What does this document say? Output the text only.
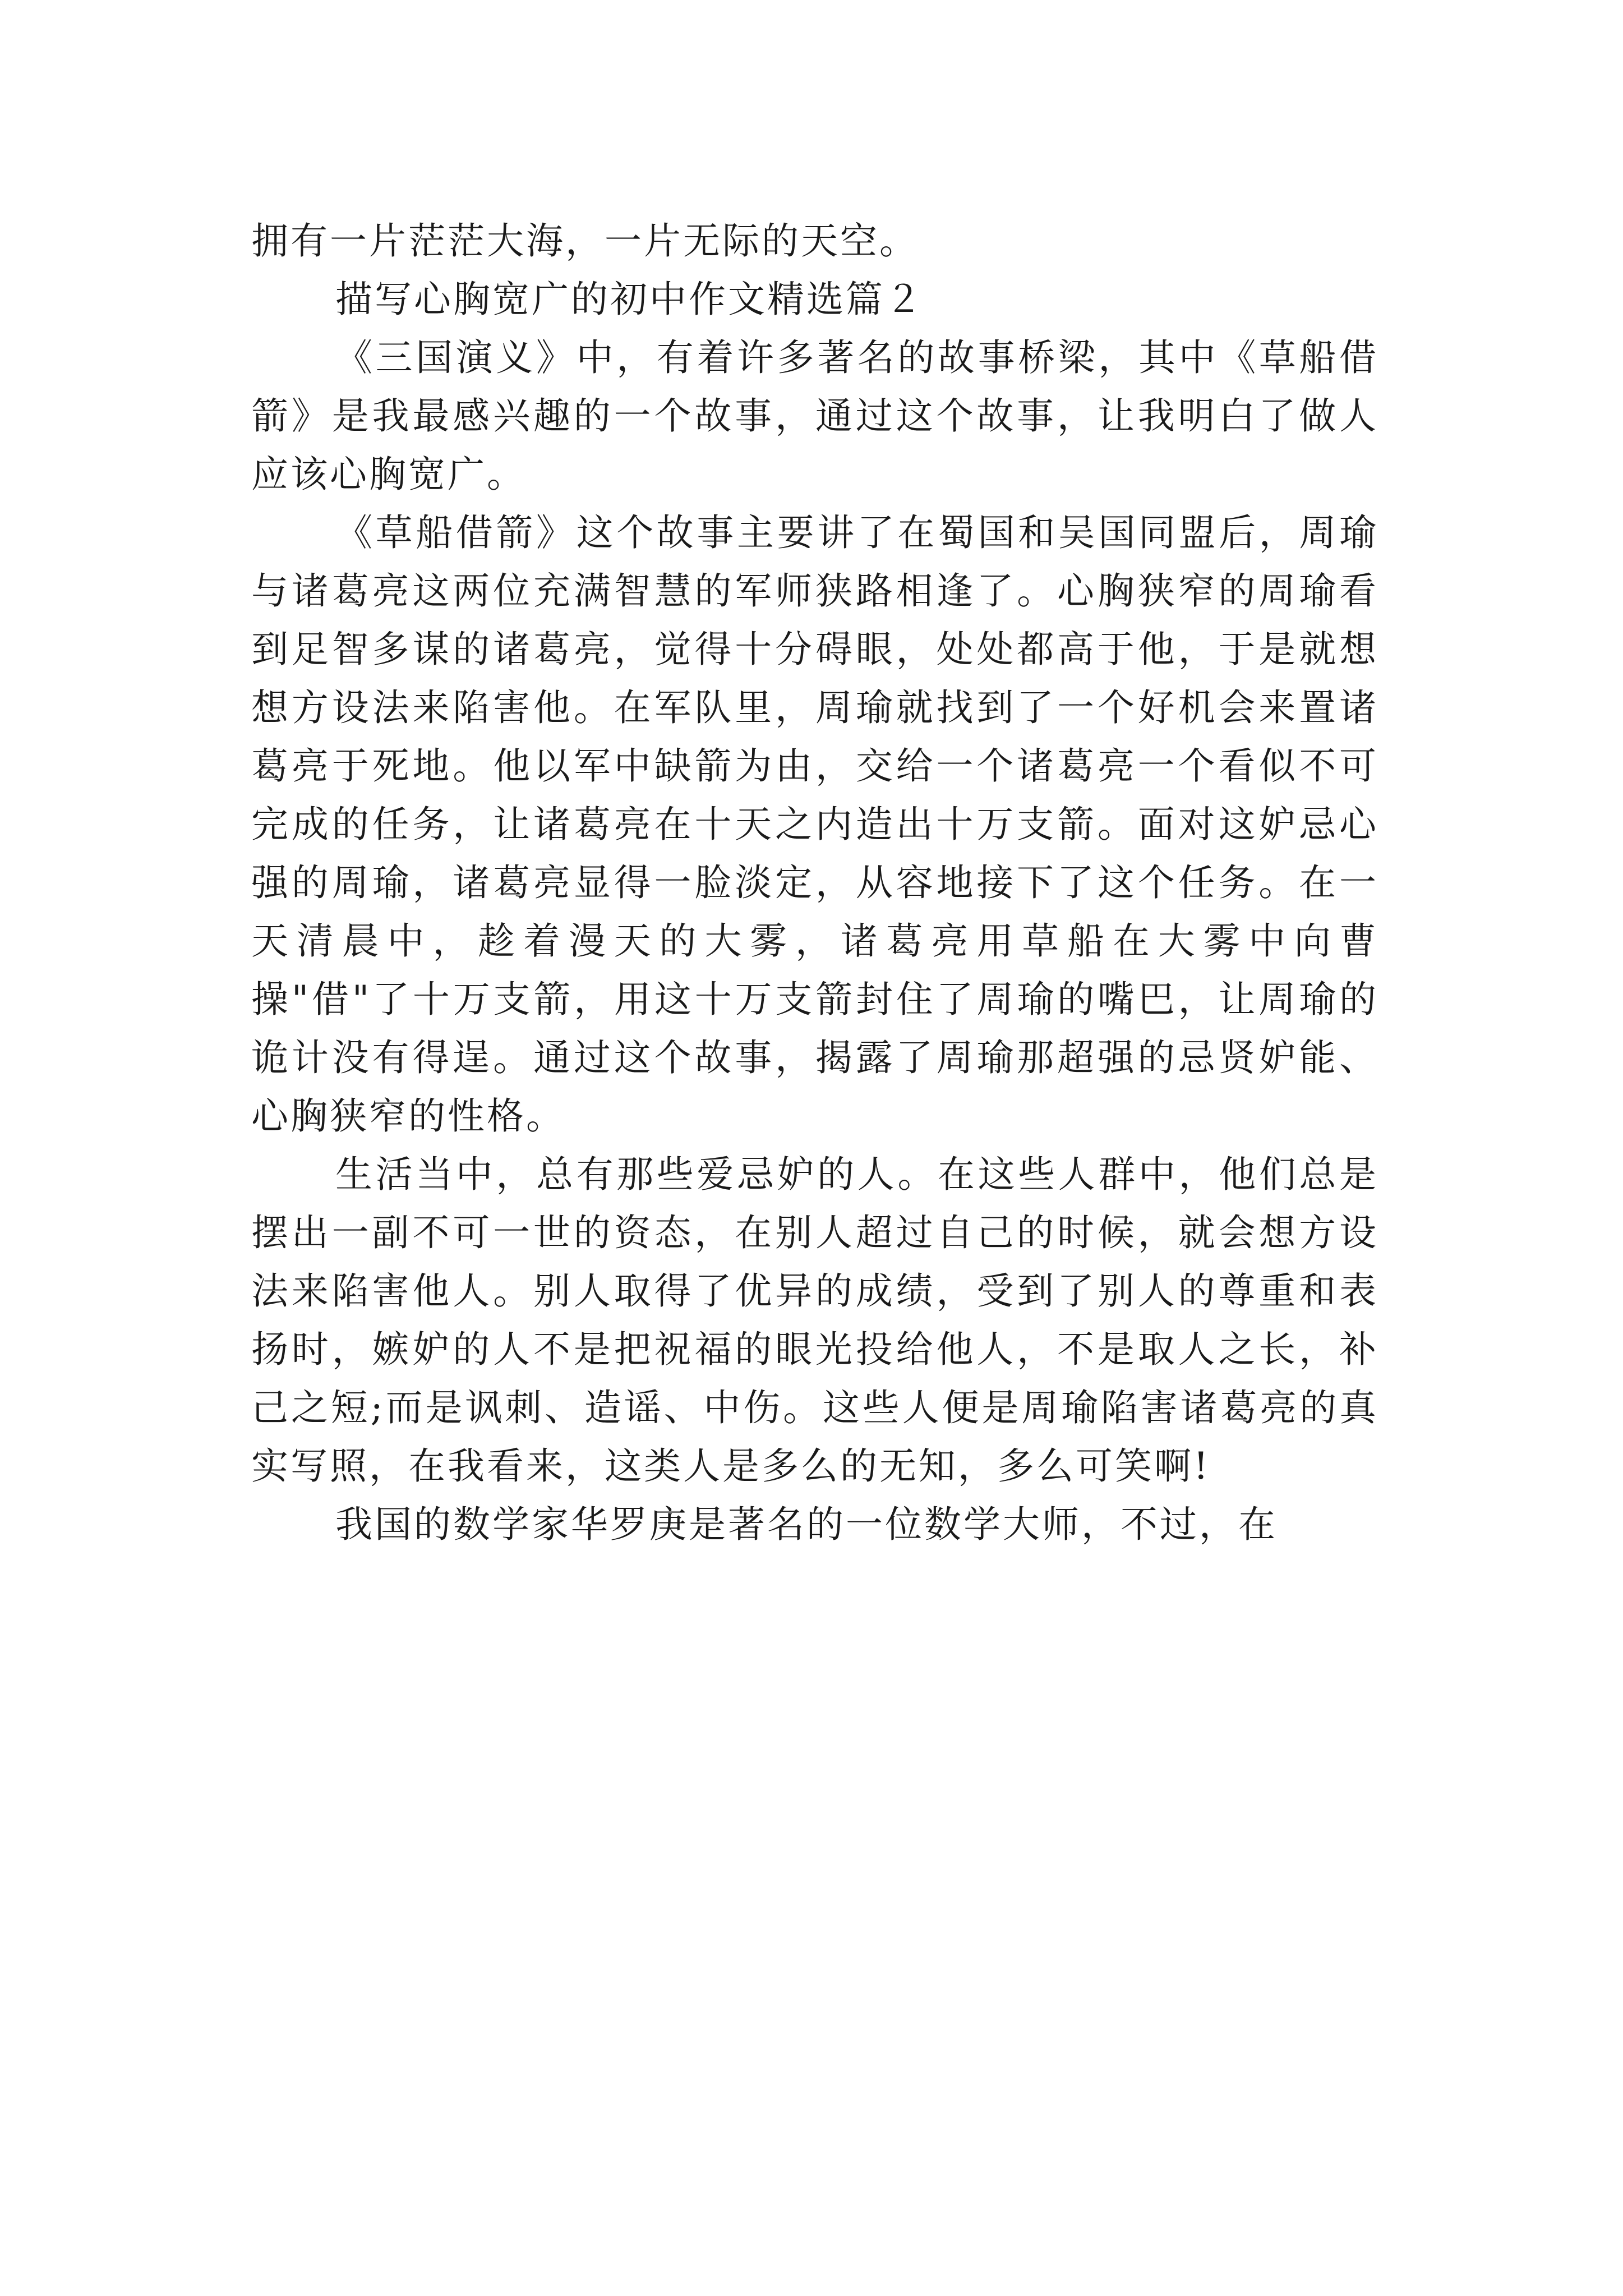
拥有一片茫茫大海，一片无际的天空。

描写心胸宽广的初中作文精选篇２

《三国演义》中，有着许多著名的故事桥梁，其中《草船借箭》是我最感兴趣的一个故事，通过这个故事，让我明白了做人应该心胸宽广。

《草船借箭》这个故事主要讲了在蜀国和吴国同盟后，周瑜与诸葛亮这两位充满智慧的军师狭路相逢了。心胸狭窄的周瑜看到足智多谋的诸葛亮，觉得十分碍眼，处处都高于他，于是就想想方设法来陷害他。在军队里，周瑜就找到了一个好机会来置诸葛亮于死地。他以军中缺箭为由，交给一个诸葛亮一个看似不可完成的任务，让诸葛亮在十天之内造出十万支箭。面对这妒忌心强的周瑜，诸葛亮显得一脸淡定，从容地接下了这个任务。在一天清晨中，趁着漫天的大雾，诸葛亮用草船在大雾中向曹操"借"了十万支箭，用这十万支箭封住了周瑜的嘴巴，让周瑜的诡计没有得逞。通过这个故事，揭露了周瑜那超强的忌贤妒能、心胸狭窄的性格。

生活当中，总有那些爱忌妒的人。在这些人群中，他们总是摆出一副不可一世的资态，在别人超过自己的时候，就会想方设法来陷害他人。别人取得了优异的成绩，受到了别人的尊重和表扬时，嫉妒的人不是把祝福的眼光投给他人，不是取人之长，补己之短;而是讽刺、造谣、中伤。这些人便是周瑜陷害诸葛亮的真实写照，在我看来，这类人是多么的无知，多么可笑啊!

我国的数学家华罗庚是著名的一位数学大师，不过，在
